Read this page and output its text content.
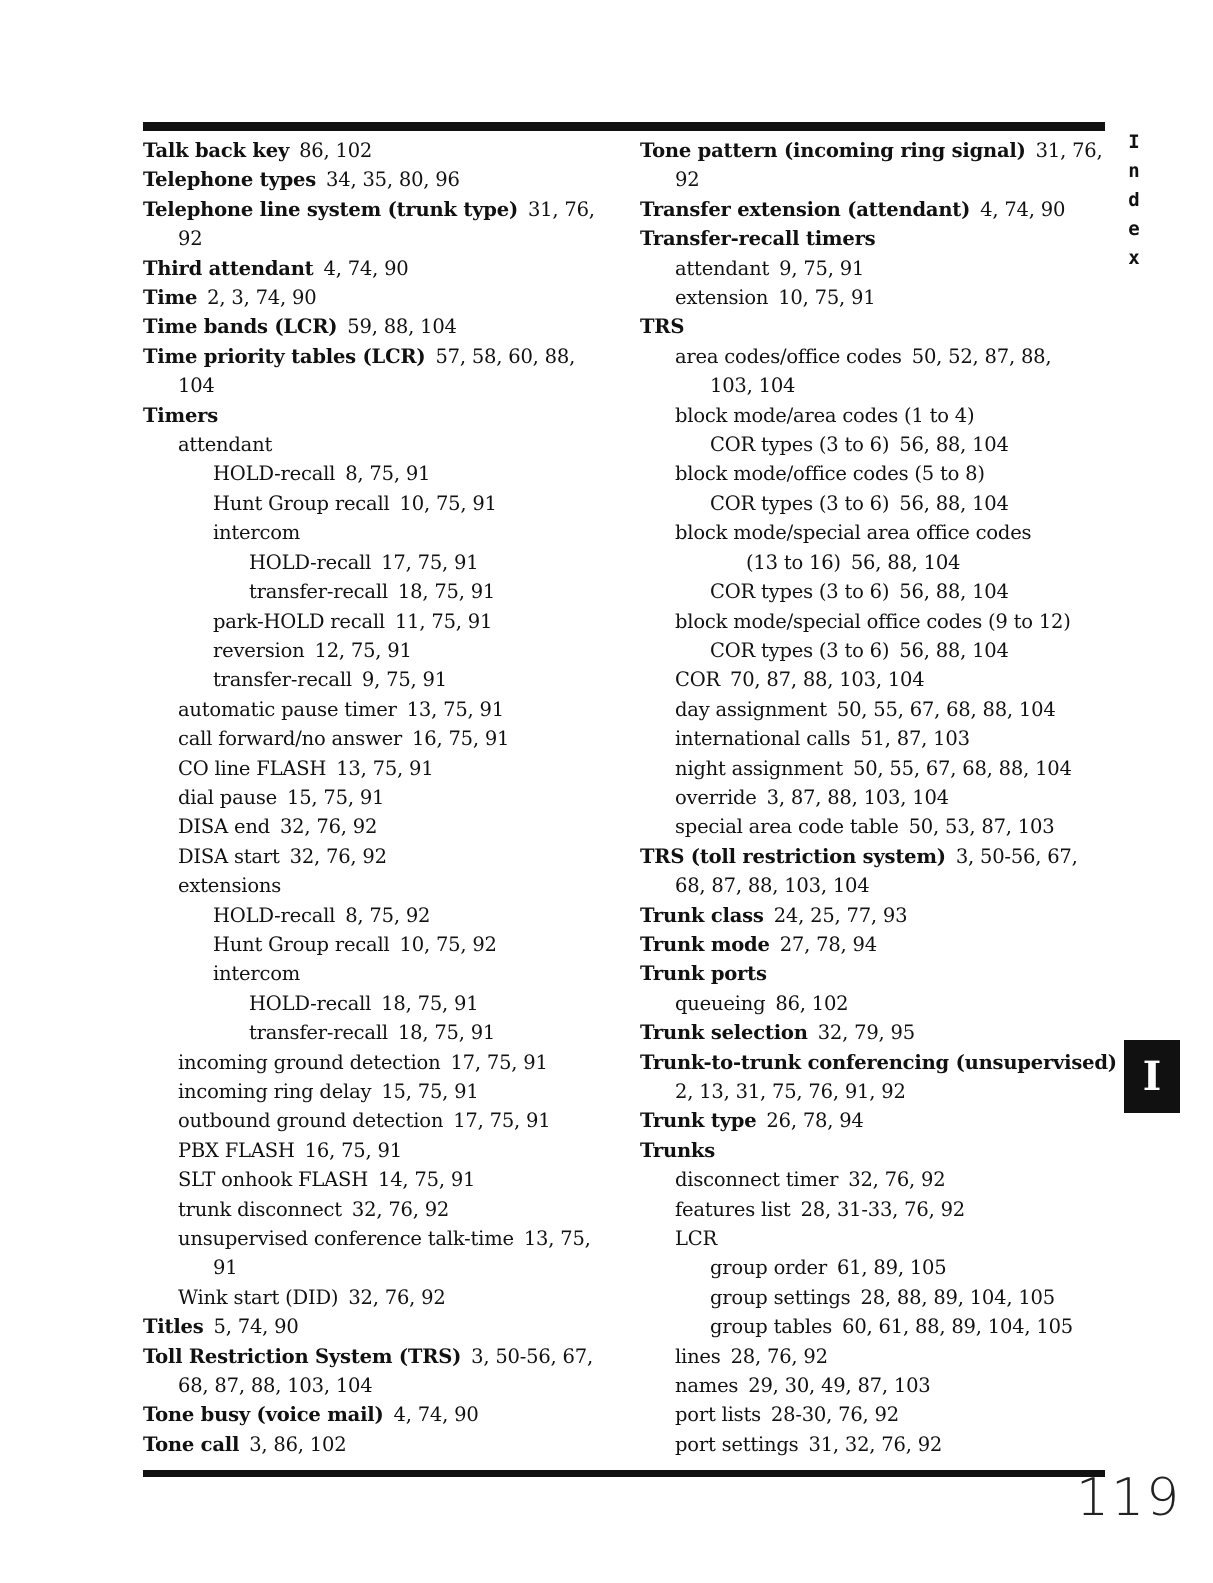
Talk back key 86, 102
Telephone types 34, 35, 80, 96
Telephone line system (trunk type) 31, 76,
92
Third attendant 4, 74, 90
Time 2, 3, 74, 90
Time bands (LCR) 59, 88, 104
Time priority tables (LCR) 57, 58, 60, 88,
104
Timers
attendant
HOLD-recall 8, 75, 91
Hunt Group recall 10, 75, 91
intercom
HOLD-recall 17, 75, 91
transfer-recall 18, 75, 91
park-HOLD recall 11, 75, 91
reversion 12, 75, 91
transfer-recall 9, 75, 91
automatic pause timer 13, 75, 91
call forward/no answer 16, 75, 91
CO line FLASH 13, 75, 91
dial pause 15, 75, 91
DISA end 32, 76, 92
DISA start 32, 76, 92
extensions
HOLD-recall 8, 75, 92
Hunt Group recall 10, 75, 92
intercom
HOLD-recall 18, 75, 91
transfer-recall 18, 75, 91
incoming ground detection 17, 75, 91
incoming ring delay 15, 75, 91
outbound ground detection 17, 75, 91
PBX FLASH 16, 75, 91
SLT onhook FLASH 14, 75, 91
trunk disconnect 32, 76, 92
unsupervised conference talk-time 13, 75,
91
Wink start (DID) 32, 76, 92
Titles 5, 74, 90
Toll Restriction System (TRS) 3, 50-56, 67,
68, 87, 88, 103, 104
Tone busy (voice mail) 4, 74, 90
Tone call 3, 86, 102
Tone pattern (incoming ring signal) 31, 76,
92
Transfer extension (attendant) 4, 74, 90
Transfer-recall timers
attendant 9, 75, 91
extension 10, 75, 91
TRS
area codes/office codes 50, 52, 87, 88,
103, 104
block mode/area codes (1 to 4)
COR types (3 to 6) 56, 88, 104
block mode/office codes (5 to 8)
COR types (3 to 6) 56, 88, 104
block mode/special area office codes
(13 to 16) 56, 88, 104
COR types (3 to 6) 56, 88, 104
block mode/special office codes (9 to 12)
COR types (3 to 6) 56, 88, 104
COR 70, 87, 88, 103, 104
day assignment 50, 55, 67, 68, 88, 104
international calls 51, 87, 103
night assignment 50, 55, 67, 68, 88, 104
override 3, 87, 88, 103, 104
special area code table 50, 53, 87, 103
TRS (toll restriction system) 3, 50-56, 67,
68, 87, 88, 103, 104
Trunk class 24, 25, 77, 93
Trunk mode 27, 78, 94
Trunk ports
queueing 86, 102
Trunk selection 32, 79, 95
Trunk-to-trunk conferencing (unsupervised)
2, 13, 31, 75, 76, 91, 92
Trunk type 26, 78, 94
Trunks
disconnect timer 32, 76, 92
features list 28, 31-33, 76, 92
LCR
group order 61, 89, 105
group settings 28, 88, 89, 104, 105
group tables 60, 61, 88, 89, 104, 105
lines 28, 76, 92
names 29, 30, 49, 87, 103
port lists 28-30, 76, 92
port settings 31, 32, 76, 92
I
n
d
e
x
I
119
